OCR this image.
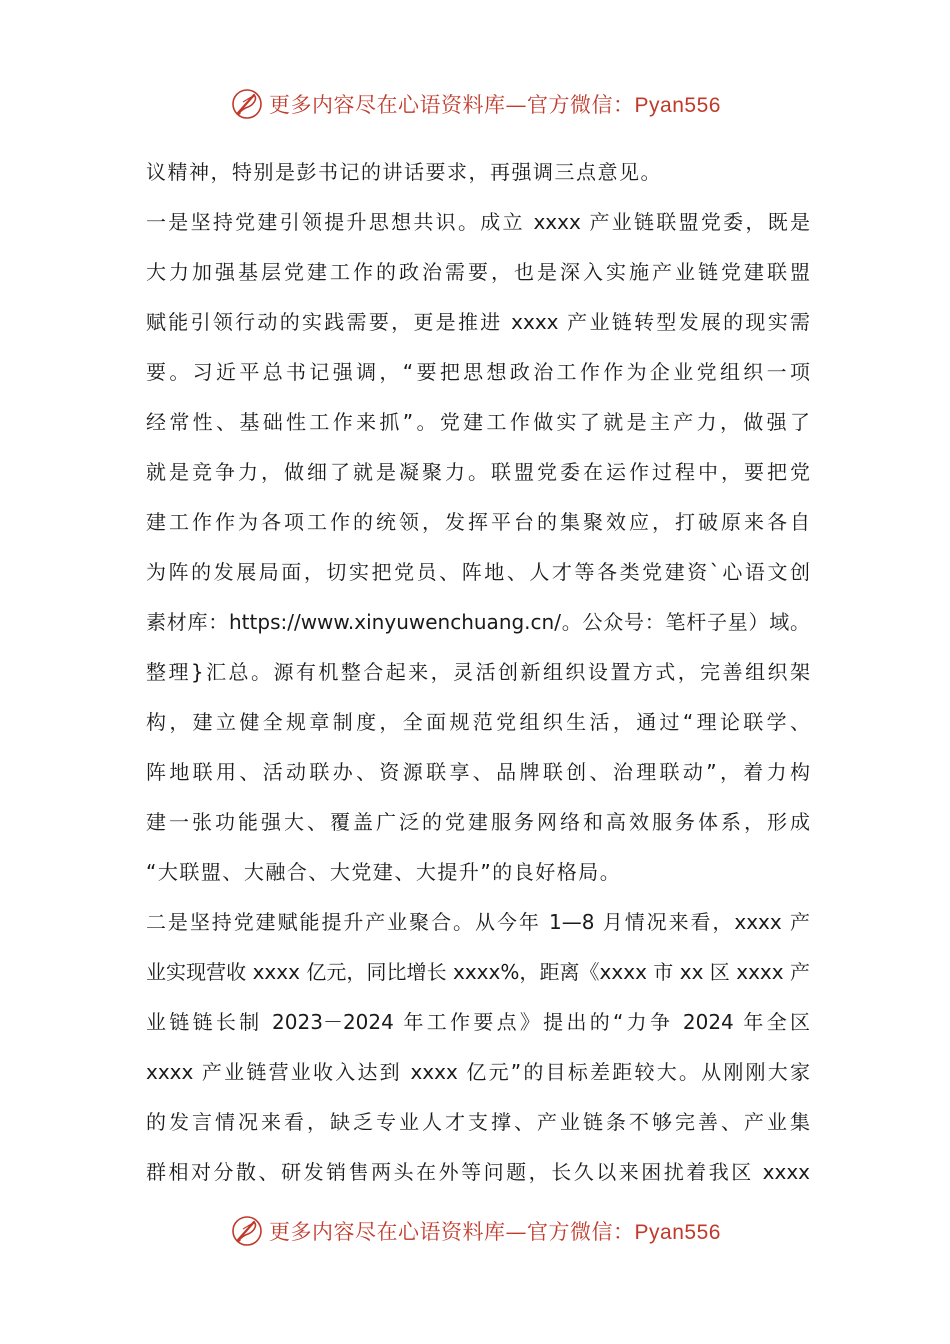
更多内容尽在心语资料库—官方微信：Pyan556
议精神，特别是彭书记的讲话要求，再强调三点意见。
一是坚持党建引领提升思想共识。成立 xxxx 产业链联盟党委，既是
大力加强基层党建工作的政治需要，也是深入实施产业链党建联盟
赋能引领行动的实践需要，更是推进 xxxx 产业链转型发展的现实需
要。习近平总书记强调，“要把思想政治工作作为企业党组织一项
经常性、基础性工作来抓”。党建工作做实了就是主产力，做强了
就是竞争力，做细了就是凝聚力。联盟党委在运作过程中，要把党
建工作作为各项工作的统领，发挥平台的集聚效应，打破原来各自
为阵的发展局面，切实把党员、阵地、人才等各类党建资`心语文创
素材库：https://www.xinyuwenchuang.cn/。公众号：笔杆子星）域。
整理}汇总。源有机整合起来，灵活创新组织设置方式，完善组织架
构，建立健全规章制度，全面规范党组织生活，通过“理论联学、
阵地联用、活动联办、资源联享、品牌联创、治理联动”，着力构
建一张功能强大、覆盖广泛的党建服务网络和高效服务体系，形成
“大联盟、大融合、大党建、大提升”的良好格局。
二是坚持党建赋能提升产业聚合。从今年 1—8 月情况来看，xxxx 产
业实现营收 xxxx 亿元，同比增长 xxxx%，距离《xxxx 市 xx 区 xxxx 产
业链链长制 2023－2024 年工作要点》提出的“力争 2024 年全区
xxxx 产业链营业收入达到 xxxx 亿元”的目标差距较大。从刚刚大家
的发言情况来看，缺乏专业人才支撑、产业链条不够完善、产业集
群相对分散、研发销售两头在外等问题，长久以来困扰着我区 xxxx
更多内容尽在心语资料库—官方微信：Pyan556
